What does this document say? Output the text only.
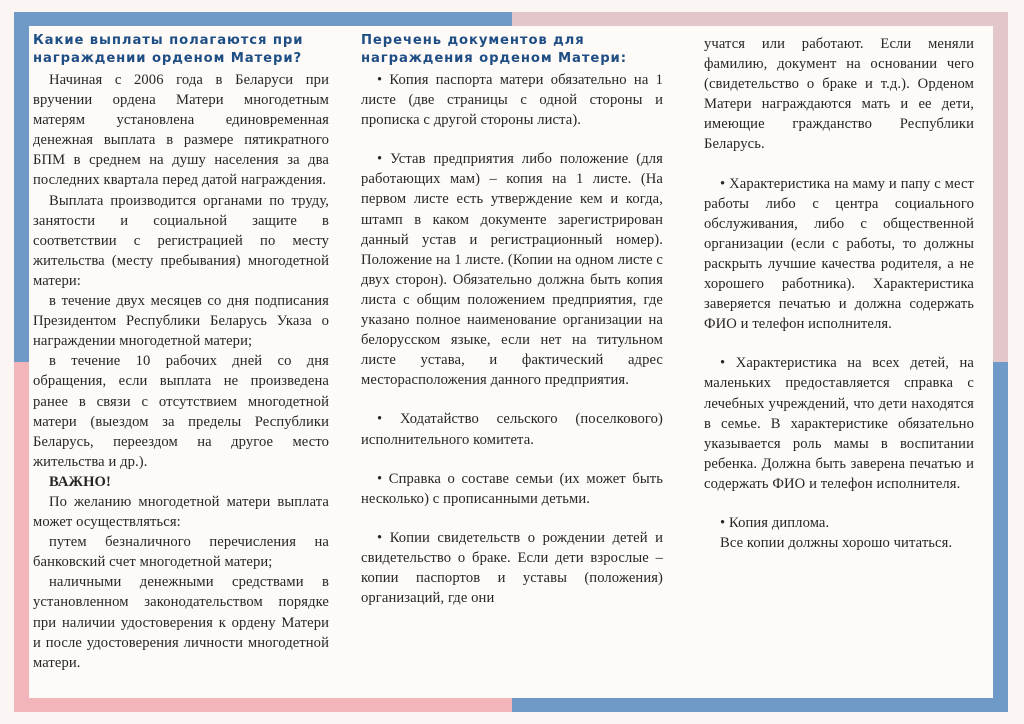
Какие выплаты полагаются при награждении орденом Матери?

Начиная с 2006 года в Беларуси при вручении ордена Матери многодетным матерям установлена единовременная денежная выплата в размере пятикратного БПМ в среднем на душу населения за два последних квартала перед датой награждения.

Выплата производится органами по труду, занятости и социальной защите в соответствии с регистрацией по месту жительства (месту пребывания) многодетной матери:

в течение двух месяцев со дня подписания Президентом Республики Беларусь Указа о награждении многодетной матери;

в течение 10 рабочих дней со дня обращения, если выплата не произведена ранее в связи с отсутствием многодетной матери (выездом за пределы Республики Беларусь, переездом на другое место жительства и др.).

ВАЖНО!

По желанию многодетной матери выплата может осуществляться:

путем безналичного перечисления на банковский счет многодетной матери;

наличными денежными средствами в установленном законодательством порядке при наличии удостоверения к ордену Матери и после удостоверения личности многодетной матери.

Перечень документов для награждения орденом Матери:

• Копия паспорта матери обязательно на 1 листе (две страницы с одной стороны и прописка с другой стороны листа).

• Устав предприятия либо положение (для работающих мам) – копия на 1 листе. (На первом листе есть утверждение кем и когда, штамп в каком документе зарегистрирован данный устав и регистрационный номер). Положение на 1 листе. (Копии на одном листе с двух сторон). Обязательно должна быть копия листа с общим положением предприятия, где указано полное наименование организации на белорусском языке, если нет на титульном листе устава, и фактический адрес месторасположения данного предприятия.

• Ходатайство сельского (поселкового) исполнительного комитета.

• Справка о составе семьи (их может быть несколько) с прописанными детьми.

• Копии свидетельств о рождении детей и свидетельство о браке. Если дети взрослые – копии паспортов и уставы (положения) организаций, где они

учатся или работают. Если меняли фамилию, документ на основании чего (свидетельство о браке и т.д.). Орденом Матери награждаются мать и ее дети, имеющие гражданство Республики Беларусь.

• Характеристика на маму и папу с мест работы либо с центра социального обслуживания, либо с общественной организации (если с работы, то должны раскрыть лучшие качества родителя, а не хорошего работника). Характеристика заверяется печатью и должна содержать ФИО и телефон исполнителя.

• Характеристика на всех детей, на маленьких предоставляется справка с лечебных учреждений, что дети находятся в семье. В характеристике обязательно указывается роль мамы в воспитании ребенка. Должна быть заверена печатью и содержать ФИО и телефон исполнителя.

• Копия диплома.

Все копии должны хорошо читаться.
